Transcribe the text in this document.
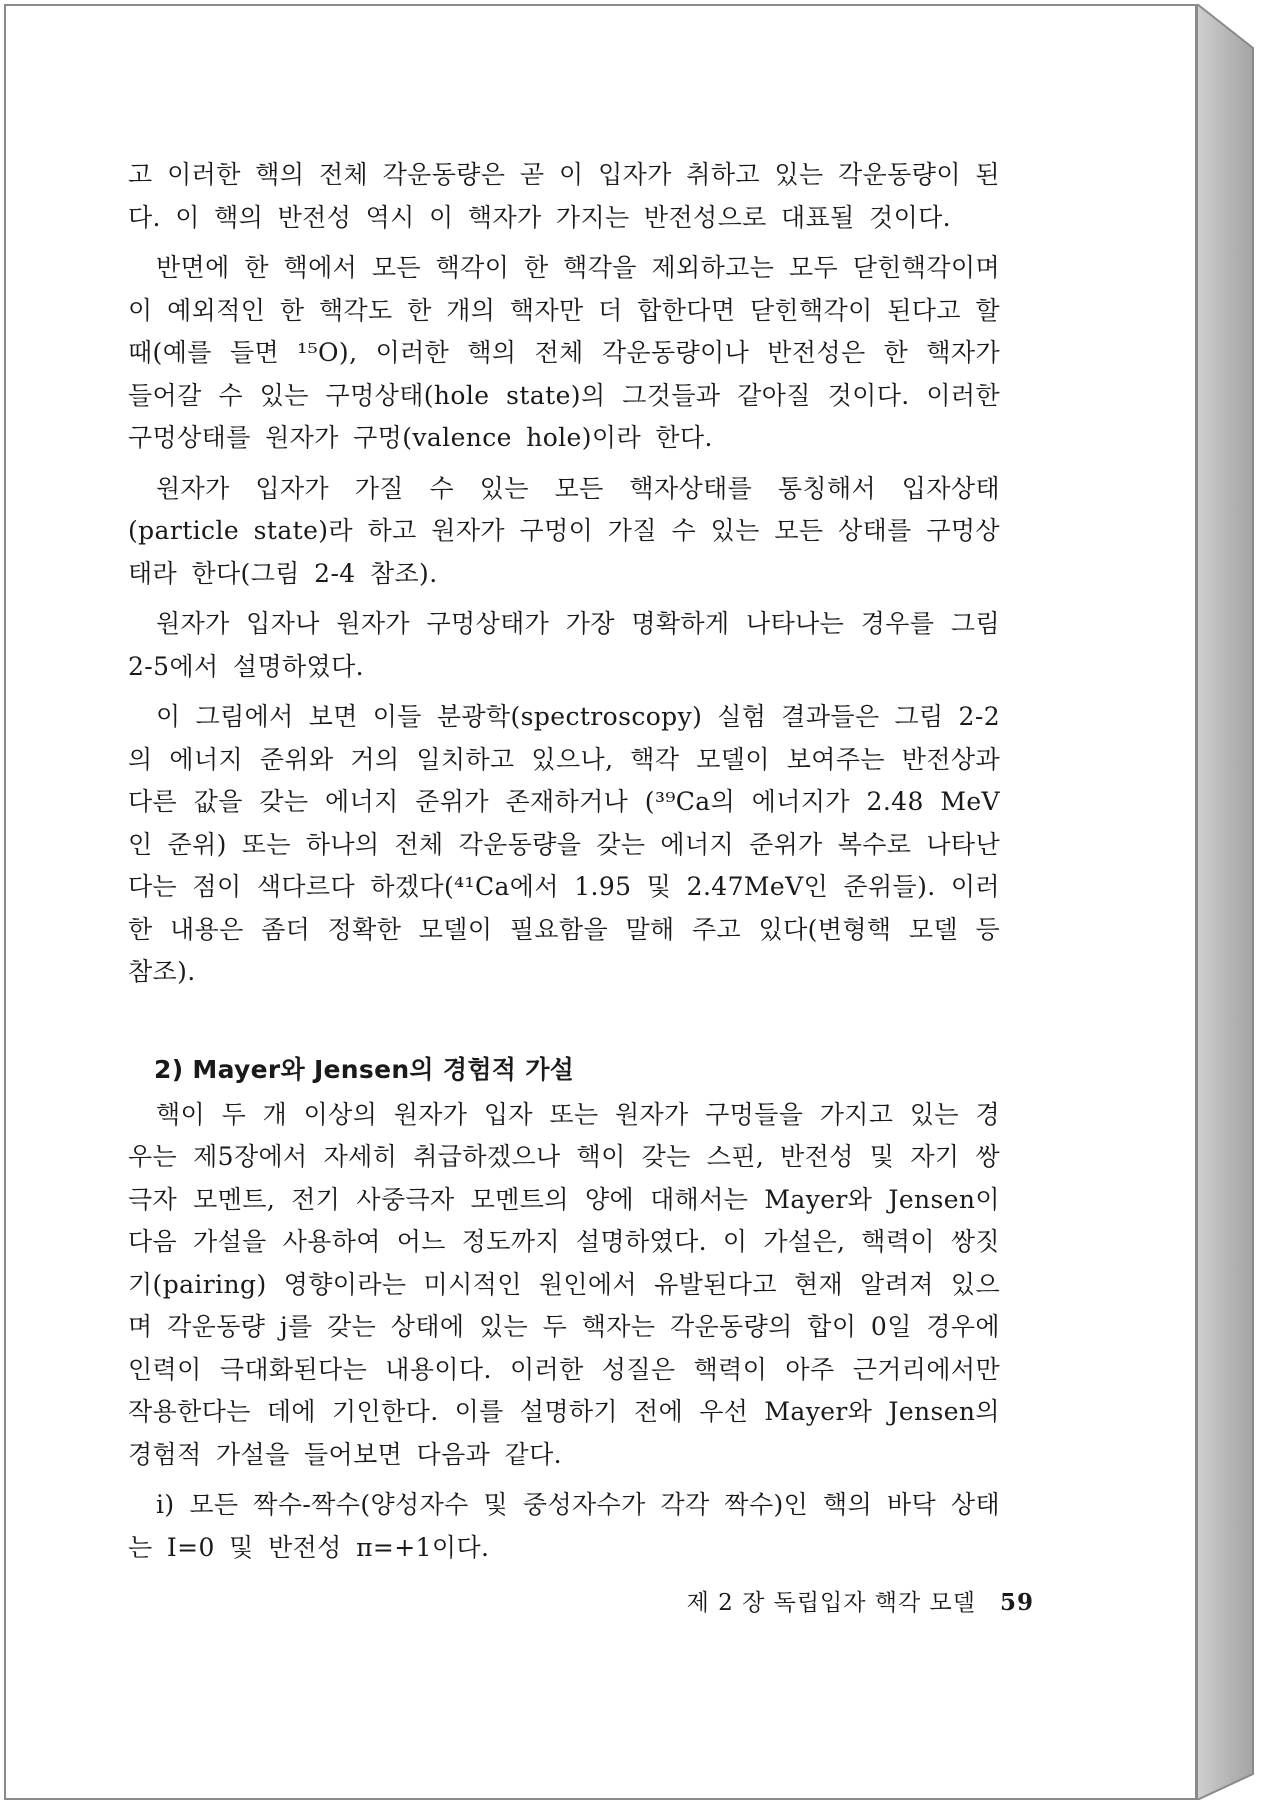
고 이러한 핵의 전체 각운동량은 곧 이 입자가 취하고 있는 각운동량이 된다. 이 핵의 반전성 역시 이 핵자가 가지는 반전성으로 대표될 것이다.

반면에 한 핵에서 모든 핵각이 한 핵각을 제외하고는 모두 닫힌핵각이며 이 예외적인 한 핵각도 한 개의 핵자만 더 합한다면 닫힌핵각이 된다고 할 때(예를 들면 ¹⁵O), 이러한 핵의 전체 각운동량이나 반전성은 한 핵자가 들어갈 수 있는 구멍상태(hole state)의 그것들과 같아질 것이다. 이러한 구멍상태를 원자가 구멍(valence hole)이라 한다.

원자가 입자가 가질 수 있는 모든 핵자상태를 통칭해서 입자상태(particle state)라 하고 원자가 구멍이 가질 수 있는 모든 상태를 구멍상태라 한다(그림 2-4 참조).

원자가 입자나 원자가 구멍상태가 가장 명확하게 나타나는 경우를 그림 2-5에서 설명하였다.

이 그림에서 보면 이들 분광학(spectroscopy) 실험 결과들은 그림 2-2의 에너지 준위와 거의 일치하고 있으나, 핵각 모델이 보여주는 반전상과 다른 값을 갖는 에너지 준위가 존재하거나 (³⁹Ca의 에너지가 2.48 MeV인 준위) 또는 하나의 전체 각운동량을 갖는 에너지 준위가 복수로 나타난다는 점이 색다르다 하겠다(⁴¹Ca에서 1.95 및 2.47MeV인 준위들). 이러한 내용은 좀더 정확한 모델이 필요함을 말해 주고 있다(변형핵 모델 등 참조).

2) Mayer와 Jensen의 경험적 가설

핵이 두 개 이상의 원자가 입자 또는 원자가 구멍들을 가지고 있는 경우는 제5장에서 자세히 취급하겠으나 핵이 갖는 스핀, 반전성 및 자기 쌍극자 모멘트, 전기 사중극자 모멘트의 양에 대해서는 Mayer와 Jensen이 다음 가설을 사용하여 어느 정도까지 설명하였다. 이 가설은, 핵력이 쌍짓기(pairing) 영향이라는 미시적인 원인에서 유발된다고 현재 알려져 있으며 각운동량 j를 갖는 상태에 있는 두 핵자는 각운동량의 합이 0일 경우에 인력이 극대화된다는 내용이다. 이러한 성질은 핵력이 아주 근거리에서만 작용한다는 데에 기인한다. 이를 설명하기 전에 우선 Mayer와 Jensen의 경험적 가설을 들어보면 다음과 같다.

i) 모든 짝수-짝수(양성자수 및 중성자수가 각각 짝수)인 핵의 바닥 상태는 I=0 및 반전성 π=+1이다.

제 2 장 독립입자 핵각 모델 59
